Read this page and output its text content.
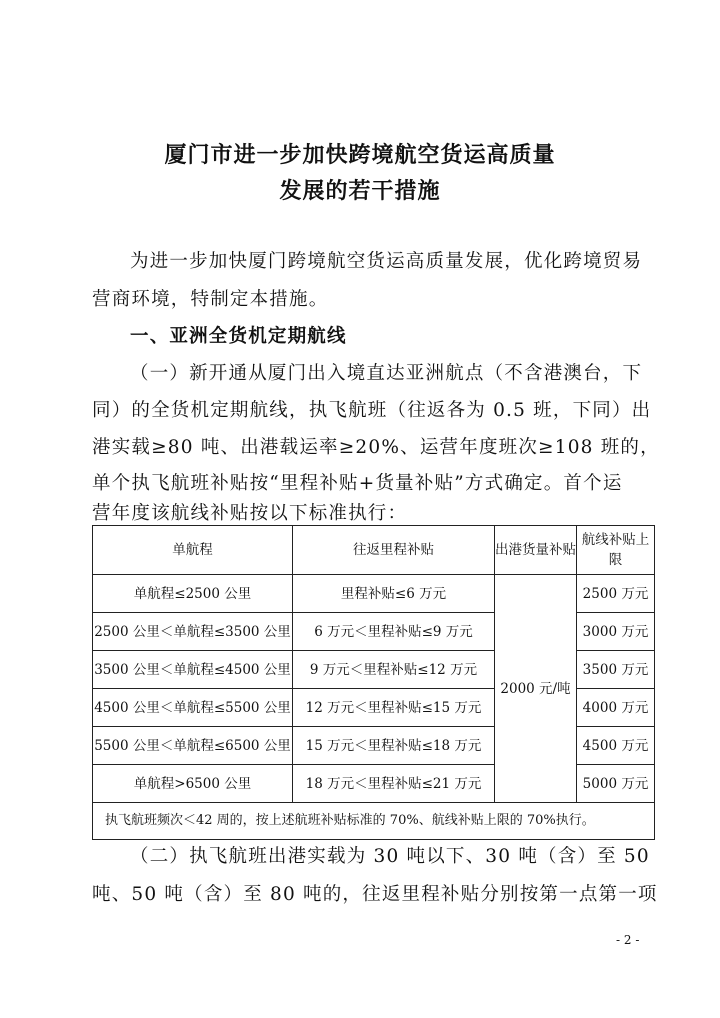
厦门市进一步加快跨境航空货运高质量
发展的若干措施
为进一步加快厦门跨境航空货运高质量发展，优化跨境贸易
营商环境，特制定本措施。
一、亚洲全货机定期航线
（一）新开通从厦门出入境直达亚洲航点（不含港澳台，下
同）的全货机定期航线，执飞航班（往返各为 0.5 班，下同）出
港实载≥80 吨、出港载运率≥20%、运营年度班次≥108 班的，
单个执飞航班补贴按“里程补贴+货量补贴”方式确定。首个运
营年度该航线补贴按以下标准执行：
单航程	往返里程补贴	出港货量补贴	航线补贴上限
单航程≤2500 公里	里程补贴≤6 万元	2000 元/吨	2500 万元
2500 公里＜单航程≤3500 公里	6 万元＜里程补贴≤9 万元		3000 万元
3500 公里＜单航程≤4500 公里	9 万元＜里程补贴≤12 万元		3500 万元
4500 公里＜单航程≤5500 公里	12 万元＜里程补贴≤15 万元		4000 万元
5500 公里＜单航程≤6500 公里	15 万元＜里程补贴≤18 万元		4500 万元
单航程>6500 公里	18 万元＜里程补贴≤21 万元		5000 万元
执飞航班频次＜42 周的，按上述航班补贴标准的 70%、航线补贴上限的 70%执行。			
（二）执飞航班出港实载为 30 吨以下、30 吨（含）至 50
吨、50 吨（含）至 80 吨的，往返里程补贴分别按第一点第一项
- 2 -
